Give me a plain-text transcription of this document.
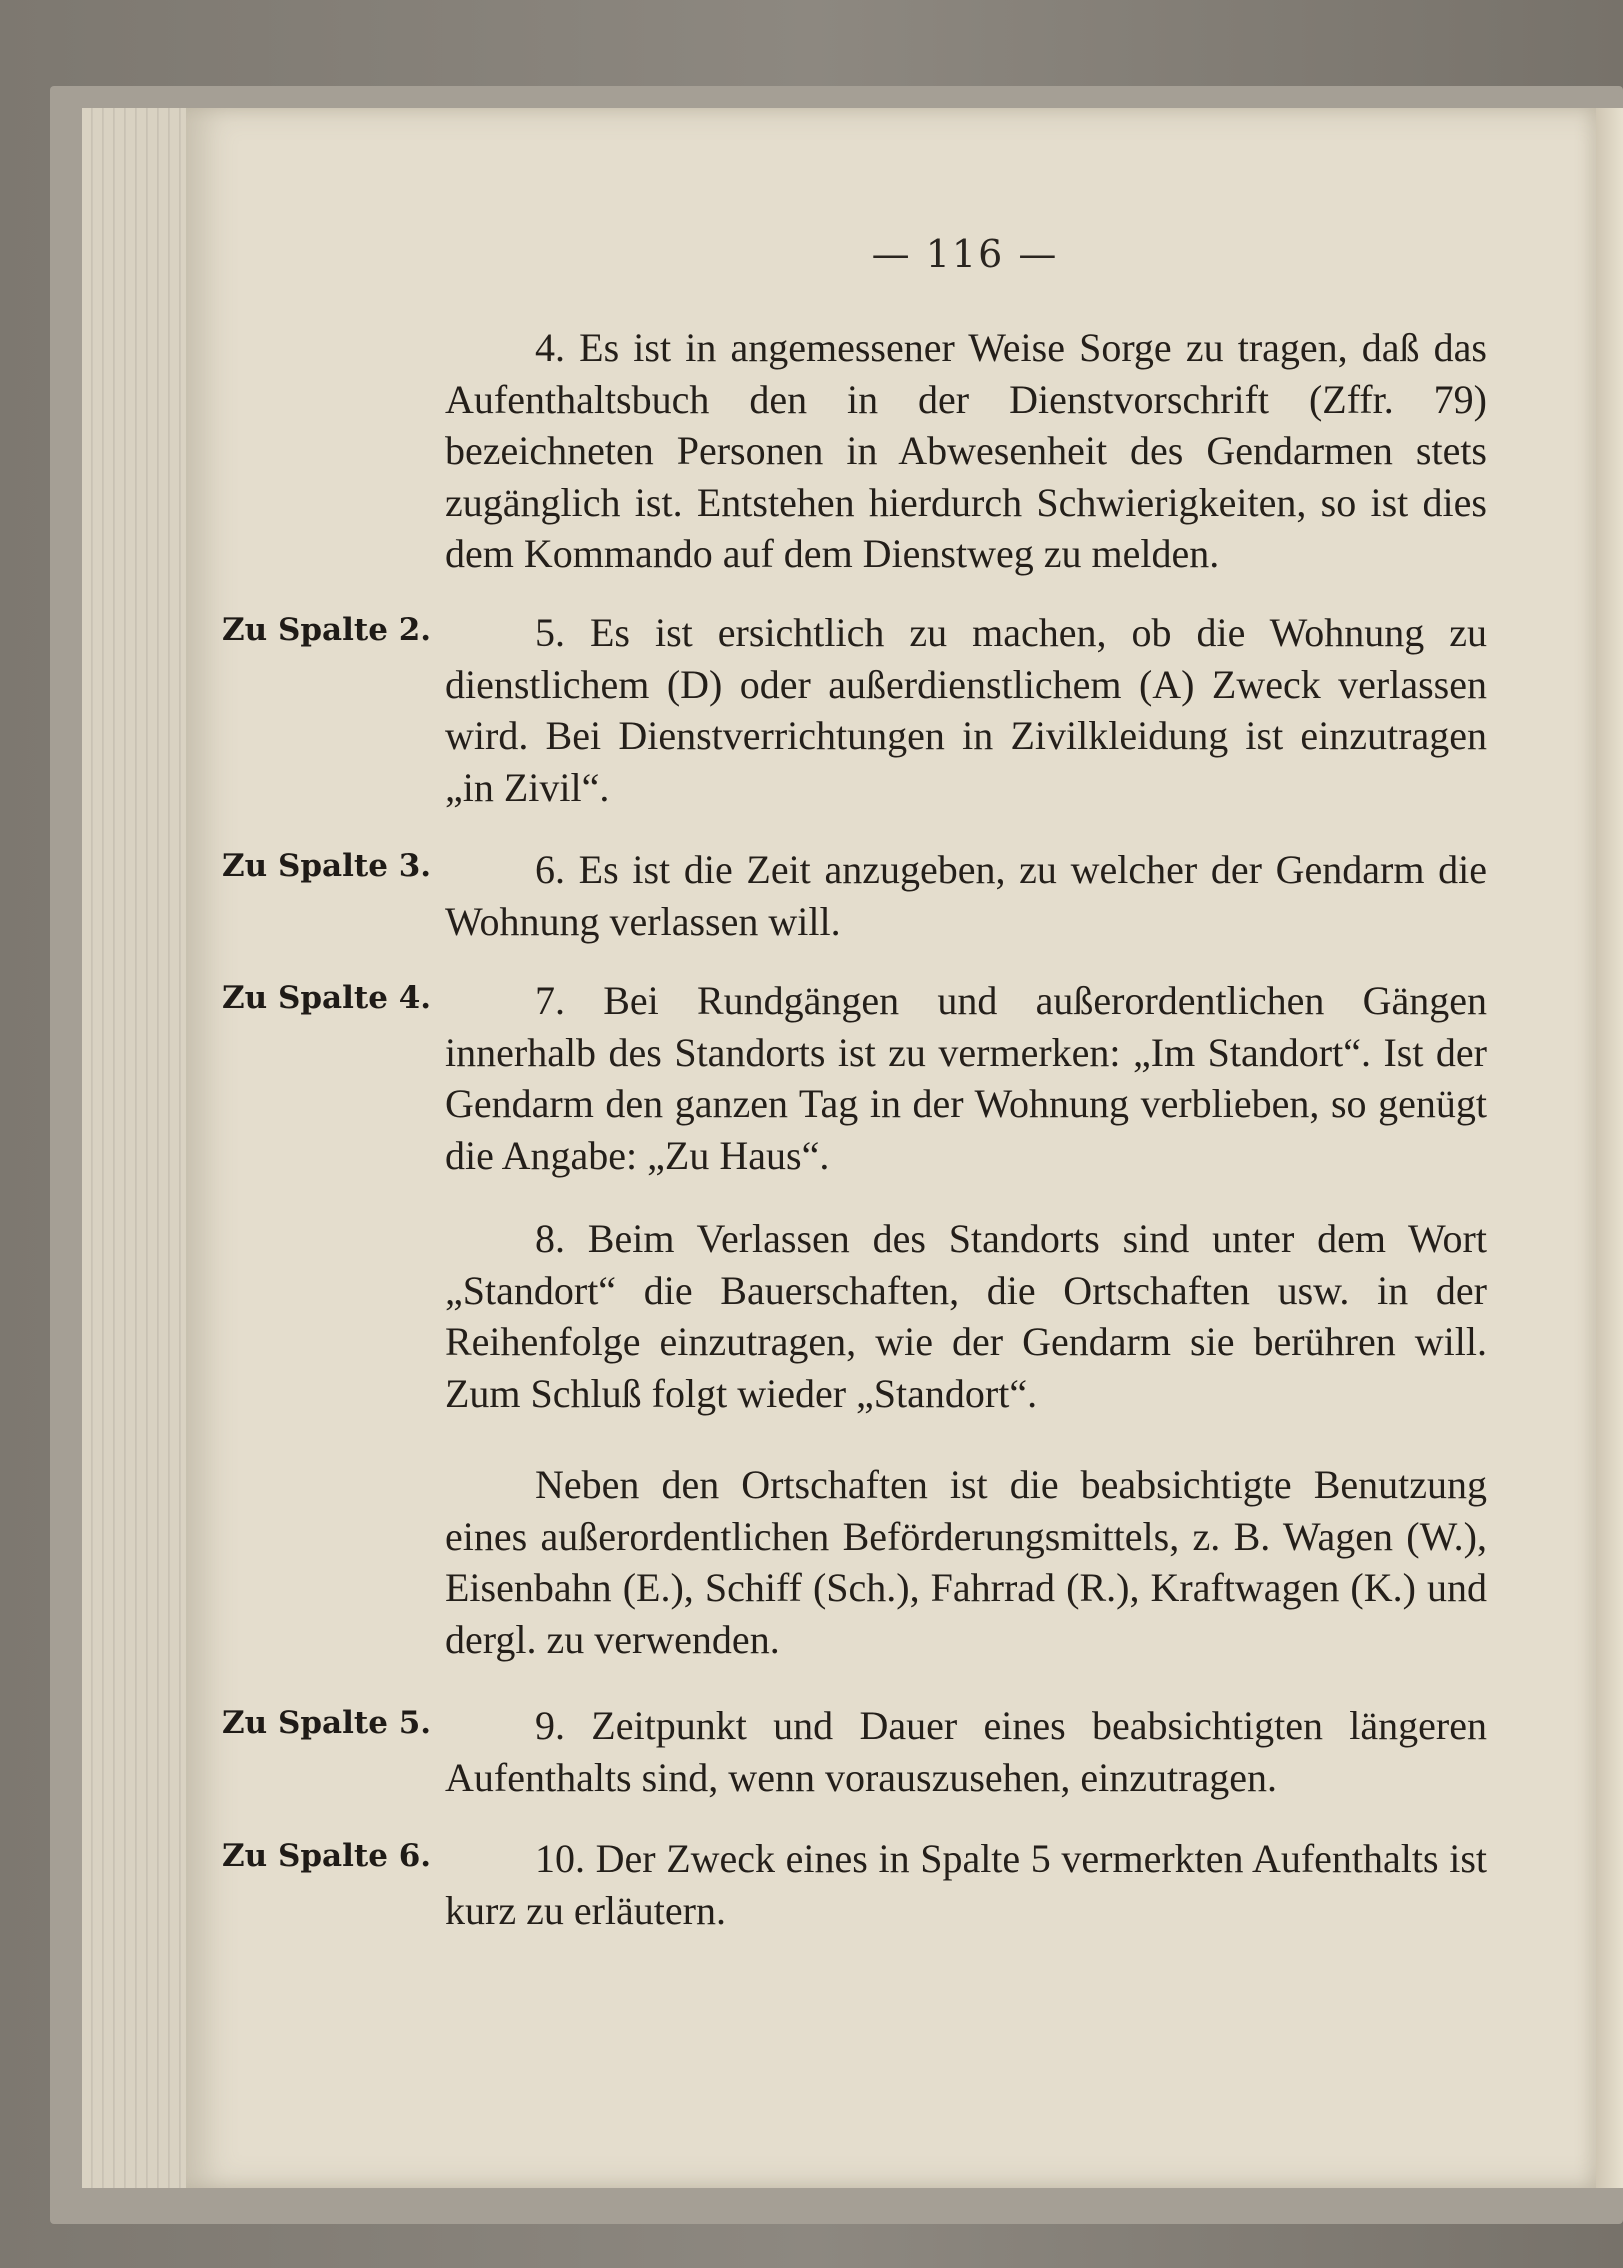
— 116 —

4. Es ist in angemessener Weise Sorge zu tragen, daß das Aufenthaltsbuch den in der Dienstvorschrift (Zffr. 79) bezeichneten Personen in Abwesenheit des Gendarmen stets zugänglich ist. Entstehen hierdurch Schwierigkeiten, so ist dies dem Kommando auf dem Dienstweg zu melden.

Zu Spalte 2.	5. Es ist ersichtlich zu machen, ob die Wohnung zu dienstlichem (D) oder außerdienstlichem (A) Zweck verlassen wird. Bei Dienstverrichtungen in Zivilkleidung ist einzutragen „in Zivil“.

Zu Spalte 3.	6. Es ist die Zeit anzugeben, zu welcher der Gendarm die Wohnung verlassen will.

Zu Spalte 4.	7. Bei Rundgängen und außerordentlichen Gängen innerhalb des Standorts ist zu vermerken: „Im Standort“. Ist der Gendarm den ganzen Tag in der Wohnung verblieben, so genügt die Angabe: „Zu Haus“.

8. Beim Verlassen des Standorts sind unter dem Wort „Standort“ die Bauerschaften, die Ortschaften usw. in der Reihenfolge einzutragen, wie der Gendarm sie berühren will. Zum Schluß folgt wieder „Standort“.

Neben den Ortschaften ist die beabsichtigte Benutzung eines außerordentlichen Beförderungsmittels, z. B. Wagen (W.), Eisenbahn (E.), Schiff (Sch.), Fahrrad (R.), Kraftwagen (K.) und dergl. zu verwenden.

Zu Spalte 5.	9. Zeitpunkt und Dauer eines beabsichtigten längeren Aufenthalts sind, wenn vorauszusehen, einzutragen.

Zu Spalte 6.	10. Der Zweck eines in Spalte 5 vermerkten Aufenthalts ist kurz zu erläutern.
